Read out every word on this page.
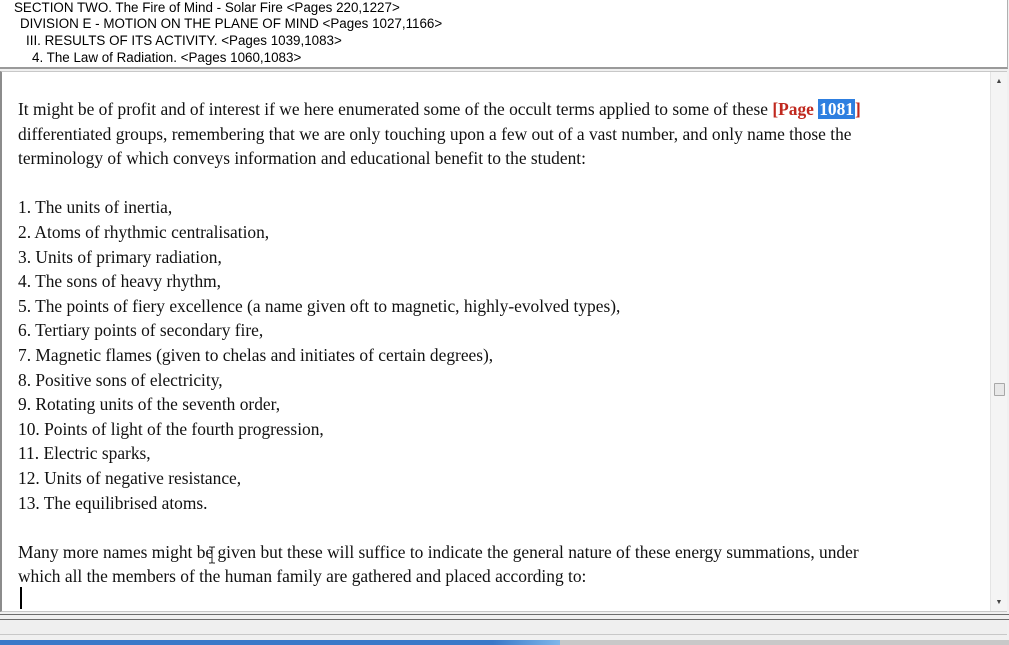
SECTION TWO. The Fire of Mind - Solar Fire <Pages 220,1227>
DIVISION E - MOTION ON THE PLANE OF MIND <Pages 1027,1166>
III. RESULTS OF ITS ACTIVITY. <Pages 1039,1083>
4. The Law of Radiation. <Pages 1060,1083>

It might be of profit and of interest if we here enumerated some of the occult terms applied to some of these [Page 1081]

differentiated groups, remembering that we are only touching upon a few out of a vast number, and only name those the

terminology of which conveys information and educational benefit to the student:

1. The units of inertia,

2. Atoms of rhythmic centralisation,

3. Units of primary radiation,

4. The sons of heavy rhythm,

5. The points of fiery excellence (a name given oft to magnetic, highly-evolved types),

6. Tertiary points of secondary fire,

7. Magnetic flames (given to chelas and initiates of certain degrees),

8. Positive sons of electricity,

9. Rotating units of the seventh order,

10. Points of light of the fourth progression,

11. Electric sparks,

12. Units of negative resistance,

13. The equilibrised atoms.

Many more names might be given but these will suffice to indicate the general nature of these energy summations, under

which all the members of the human family are gathered and placed according to:

▲
▼
